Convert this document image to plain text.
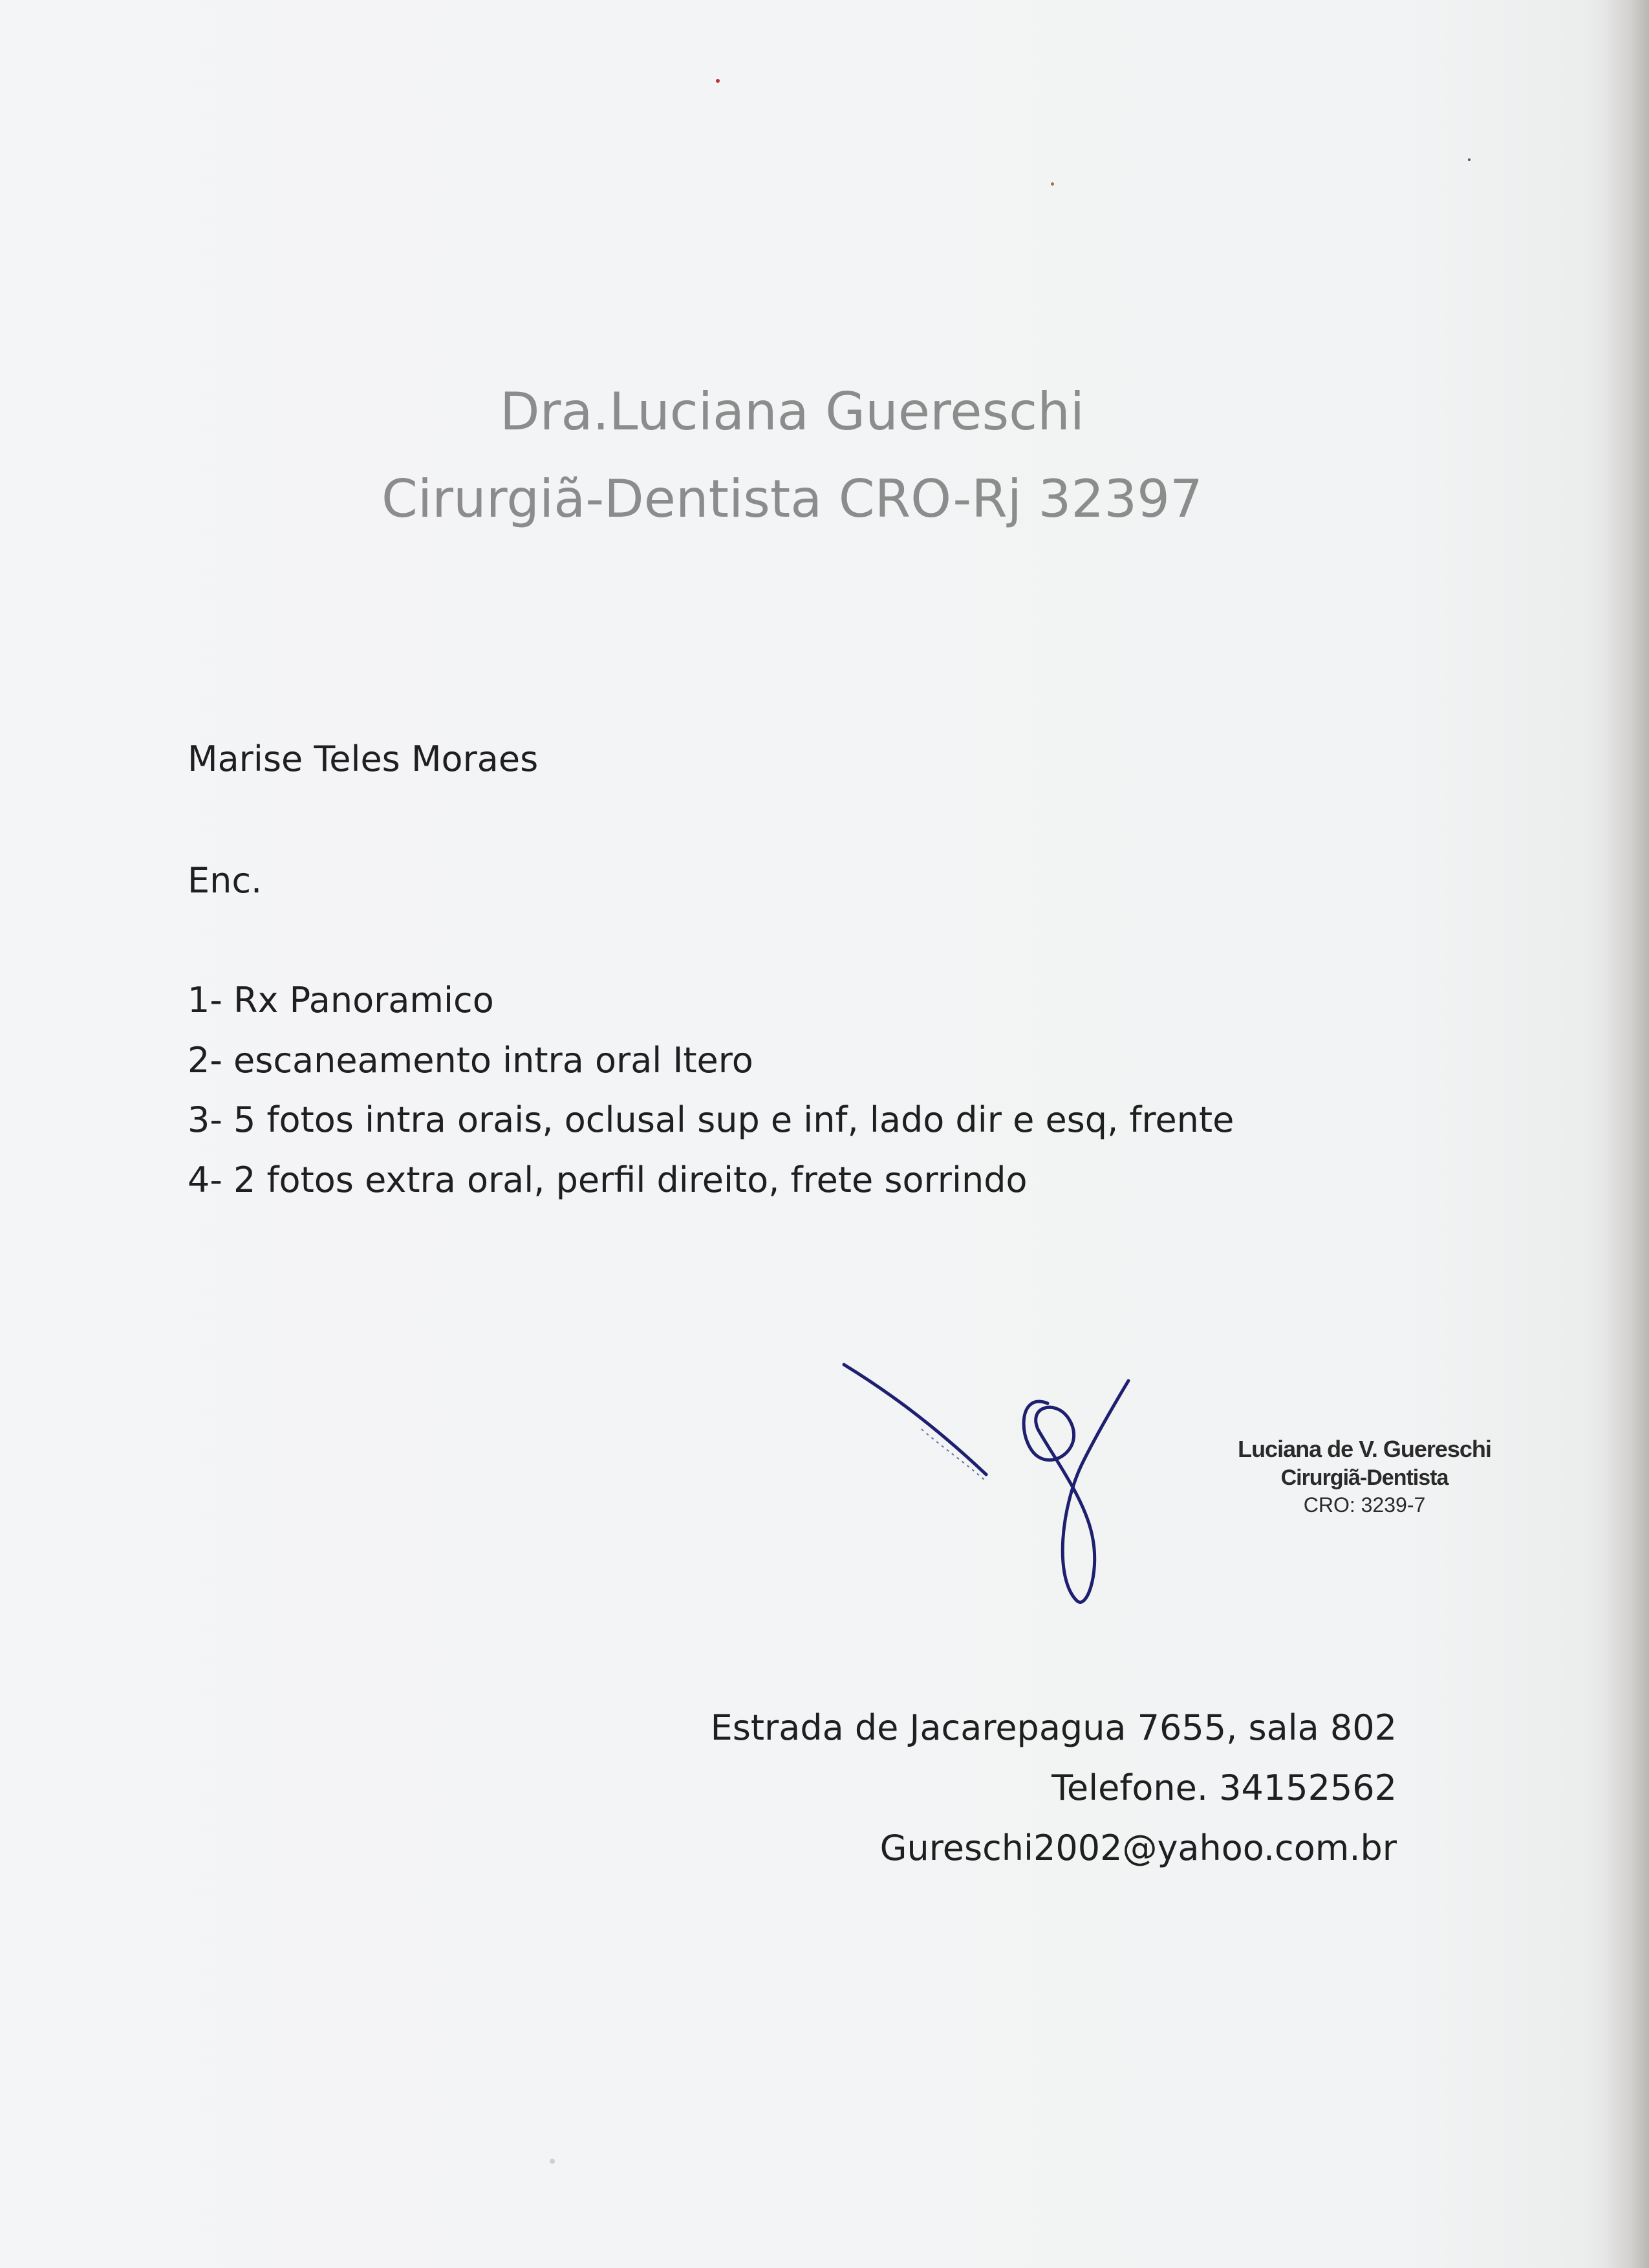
Dra.Luciana Guereschi
Cirurgiã-Dentista CRO-Rj 32397
Marise Teles Moraes
Enc.
1- Rx Panoramico
2- escaneamento intra oral Itero
3- 5 fotos intra orais, oclusal sup e inf, lado dir e esq, frente
4- 2 fotos extra oral, perfil direito, frete sorrindo
Luciana de V. Guereschi
Cirurgiã-Dentista
CRO: 3239-7
Estrada de Jacarepagua 7655, sala 802
Telefone. 34152562
Gureschi2002@yahoo.com.br
